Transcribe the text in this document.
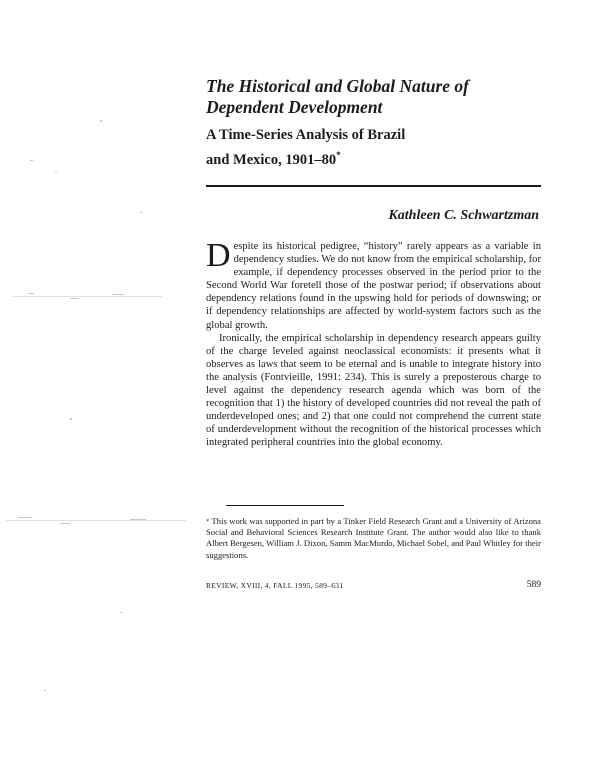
The Historical and Global Nature of
Dependent Development
A Time-Series Analysis of Brazil
and Mexico, 1901–80*

Kathleen C. Schwartzman

Despite its historical pedigree, “history” rarely appears as a variable in dependency studies. We do not know from the empirical scholarship, for example, if dependency processes observed in the period prior to the Second World War foretell those of the postwar period; if observations about dependency relations found in the upswing hold for periods of downswing; or if dependency relationships are affected by world-system factors such as the global growth.

Ironically, the empirical scholarship in dependency research appears guilty of the charge leveled against neoclassical economists: it presents what it observes as laws that seem to be eternal and is unable to integrate history into the analysis (Fontvieille, 1991: 234). This is surely a preposterous charge to level against the dependency research agenda which was born of the recognition that 1) the history of developed countries did not reveal the path of underdeveloped ones; and 2) that one could not comprehend the current state of underdevelopment without the recognition of the historical processes which integrated peripheral countries into the global economy.

* This work was supported in part by a Tinker Field Research Grant and a University of Arizona Social and Behavioral Sciences Research Institute Grant. The author would also like to thank Albert Bergesen, William J. Dixon, Samm MacMurdo, Michael Sobel, and Paul Whitley for their suggestions.

REVIEW, XVIII, 4, FALL 1995, 589–631	589
